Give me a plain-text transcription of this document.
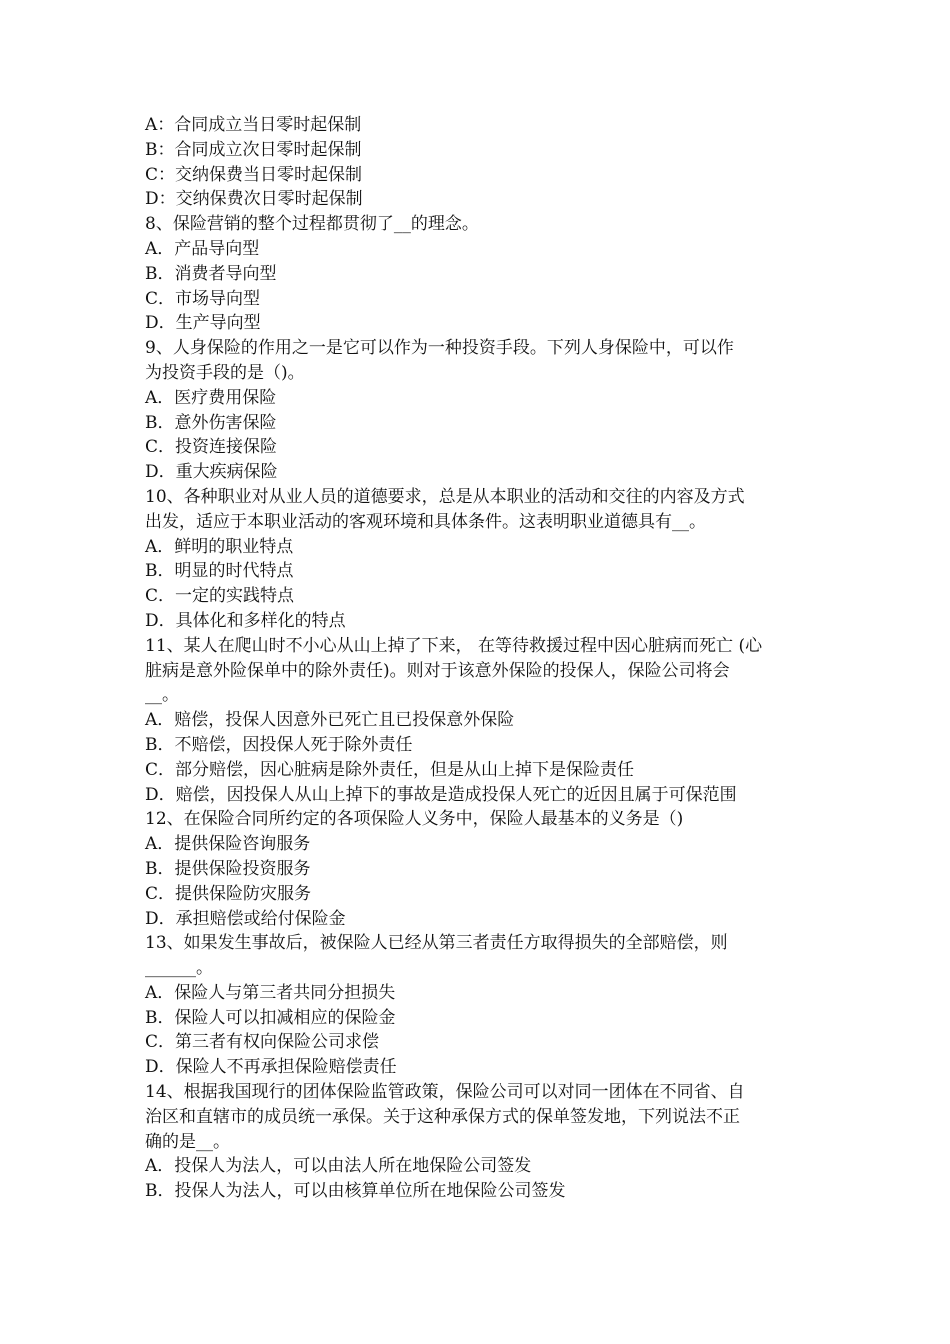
A：合同成立当日零时起保制
B：合同成立次日零时起保制
C：交纳保费当日零时起保制
D：交纳保费次日零时起保制
8、保险营销的整个过程都贯彻了__的理念。
A．产品导向型
B．消费者导向型
C．市场导向型
D．生产导向型
9、人身保险的作用之一是它可以作为一种投资手段。下列人身保险中，可以作
为投资手段的是（)。
A．医疗费用保险
B．意外伤害保险
C．投资连接保险
D．重大疾病保险
10、各种职业对从业人员的道德要求，总是从本职业的活动和交往的内容及方式
出发，适应于本职业活动的客观环境和具体条件。这表明职业道德具有__。
A．鲜明的职业特点
B．明显的时代特点
C．一定的实践特点
D．具体化和多样化的特点
11、某人在爬山时不小心从山上掉了下来， 在等待救援过程中因心脏病而死亡 (心
脏病是意外险保单中的除外责任)。则对于该意外保险的投保人，保险公司将会
__。
A．赔偿，投保人因意外已死亡且已投保意外保险
B．不赔偿，因投保人死于除外责任
C．部分赔偿，因心脏病是除外责任，但是从山上掉下是保险责任
D．赔偿，因投保人从山上掉下的事故是造成投保人死亡的近因且属于可保范围
12、在保险合同所约定的各项保险人义务中，保险人最基本的义务是（)
A．提供保险咨询服务
B．提供保险投资服务
C．提供保险防灾服务
D．承担赔偿或给付保险金
13、如果发生事故后，被保险人已经从第三者责任方取得损失的全部赔偿，则
______。
A．保险人与第三者共同分担损失
B．保险人可以扣减相应的保险金
C．第三者有权向保险公司求偿
D．保险人不再承担保险赔偿责任
14、根据我国现行的团体保险监管政策，保险公司可以对同一团体在不同省、自
治区和直辖市的成员统一承保。关于这种承保方式的保单签发地，下列说法不正
确的是__。
A．投保人为法人，可以由法人所在地保险公司签发
B．投保人为法人，可以由核算单位所在地保险公司签发
